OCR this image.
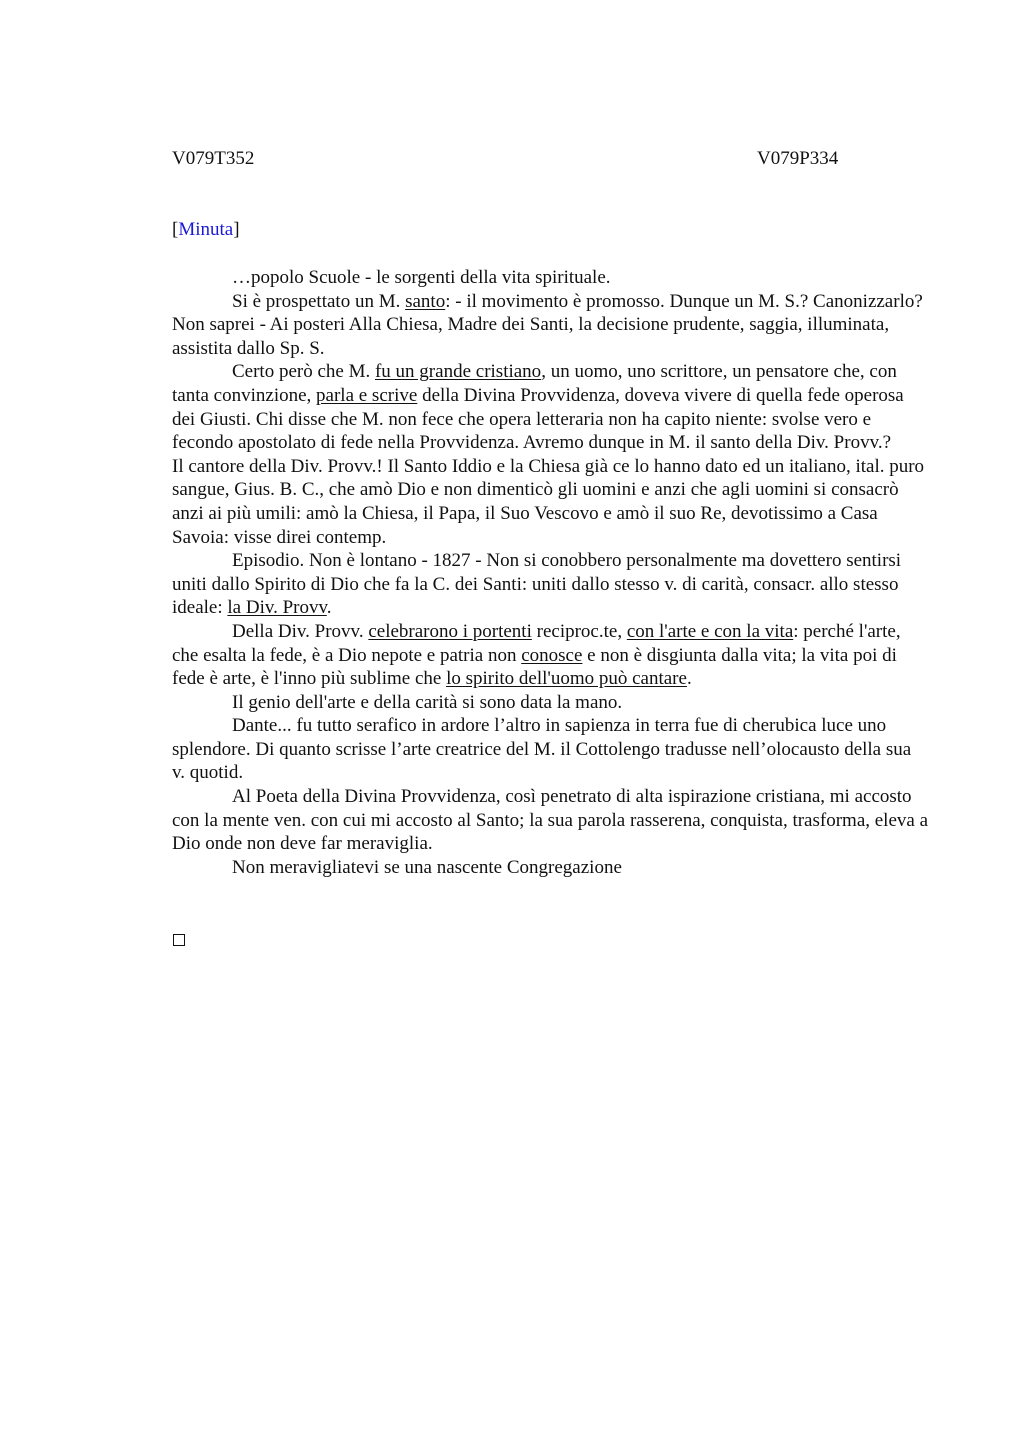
V079T352	V079P334
[Minuta]

…popolo Scuole - le sorgenti della vita spirituale.

Si è prospettato un M. santo: - il movimento è promosso. Dunque un M. S.? Canonizzarlo? Non saprei - Ai posteri Alla Chiesa, Madre dei Santi, la decisione prudente, saggia, illuminata, assistita dallo Sp. S.

Certo però che M. fu un grande cristiano, un uomo, uno scrittore, un pensatore che, con tanta convinzione, parla e scrive della Divina Provvidenza, doveva vivere di quella fede operosa dei Giusti. Chi disse che M. non fece che opera letteraria non ha capito niente: svolse vero e fecondo apostolato di fede nella Provvidenza. Avremo dunque in M. il santo della Div. Provv.?

Il cantore della Div. Provv.! Il Santo Iddio e la Chiesa già ce lo hanno dato ed un italiano, ital. puro sangue, Gius. B. C., che amò Dio e non dimenticò gli uomini e anzi che agli uomini si consacrò anzi ai più umili: amò la Chiesa, il Papa, il Suo Vescovo e amò il suo Re, devotissimo a Casa Savoia: visse direi contemp.

Episodio. Non è lontano - 1827 - Non si conobbero personalmente ma dovettero sentirsi uniti dallo Spirito di Dio che fa la C. dei Santi: uniti dallo stesso v. di carità, consacr. allo stesso ideale: la Div. Provv.

Della Div. Provv. celebrarono i portenti reciproc.te, con l'arte e con la vita: perché l'arte, che esalta la fede, è a Dio nepote e patria non conosce e non è disgiunta dalla vita; la vita poi di fede è arte, è l'inno più sublime che lo spirito dell'uomo può cantare.

Il genio dell'arte e della carità si sono data la mano.

Dante... fu tutto serafico in ardore l’altro in sapienza in terra fue di cherubica luce uno splendore. Di quanto scrisse l’arte creatrice del M. il Cottolengo tradusse nell’olocausto della sua v. quotid.

Al Poeta della Divina Provvidenza, così penetrato di alta ispirazione cristiana, mi accosto con la mente ven. con cui mi accosto al Santo; la sua parola rasserena, conquista, trasforma, eleva a Dio onde non deve far meraviglia.

Non meravigliatevi se una nascente Congregazione
